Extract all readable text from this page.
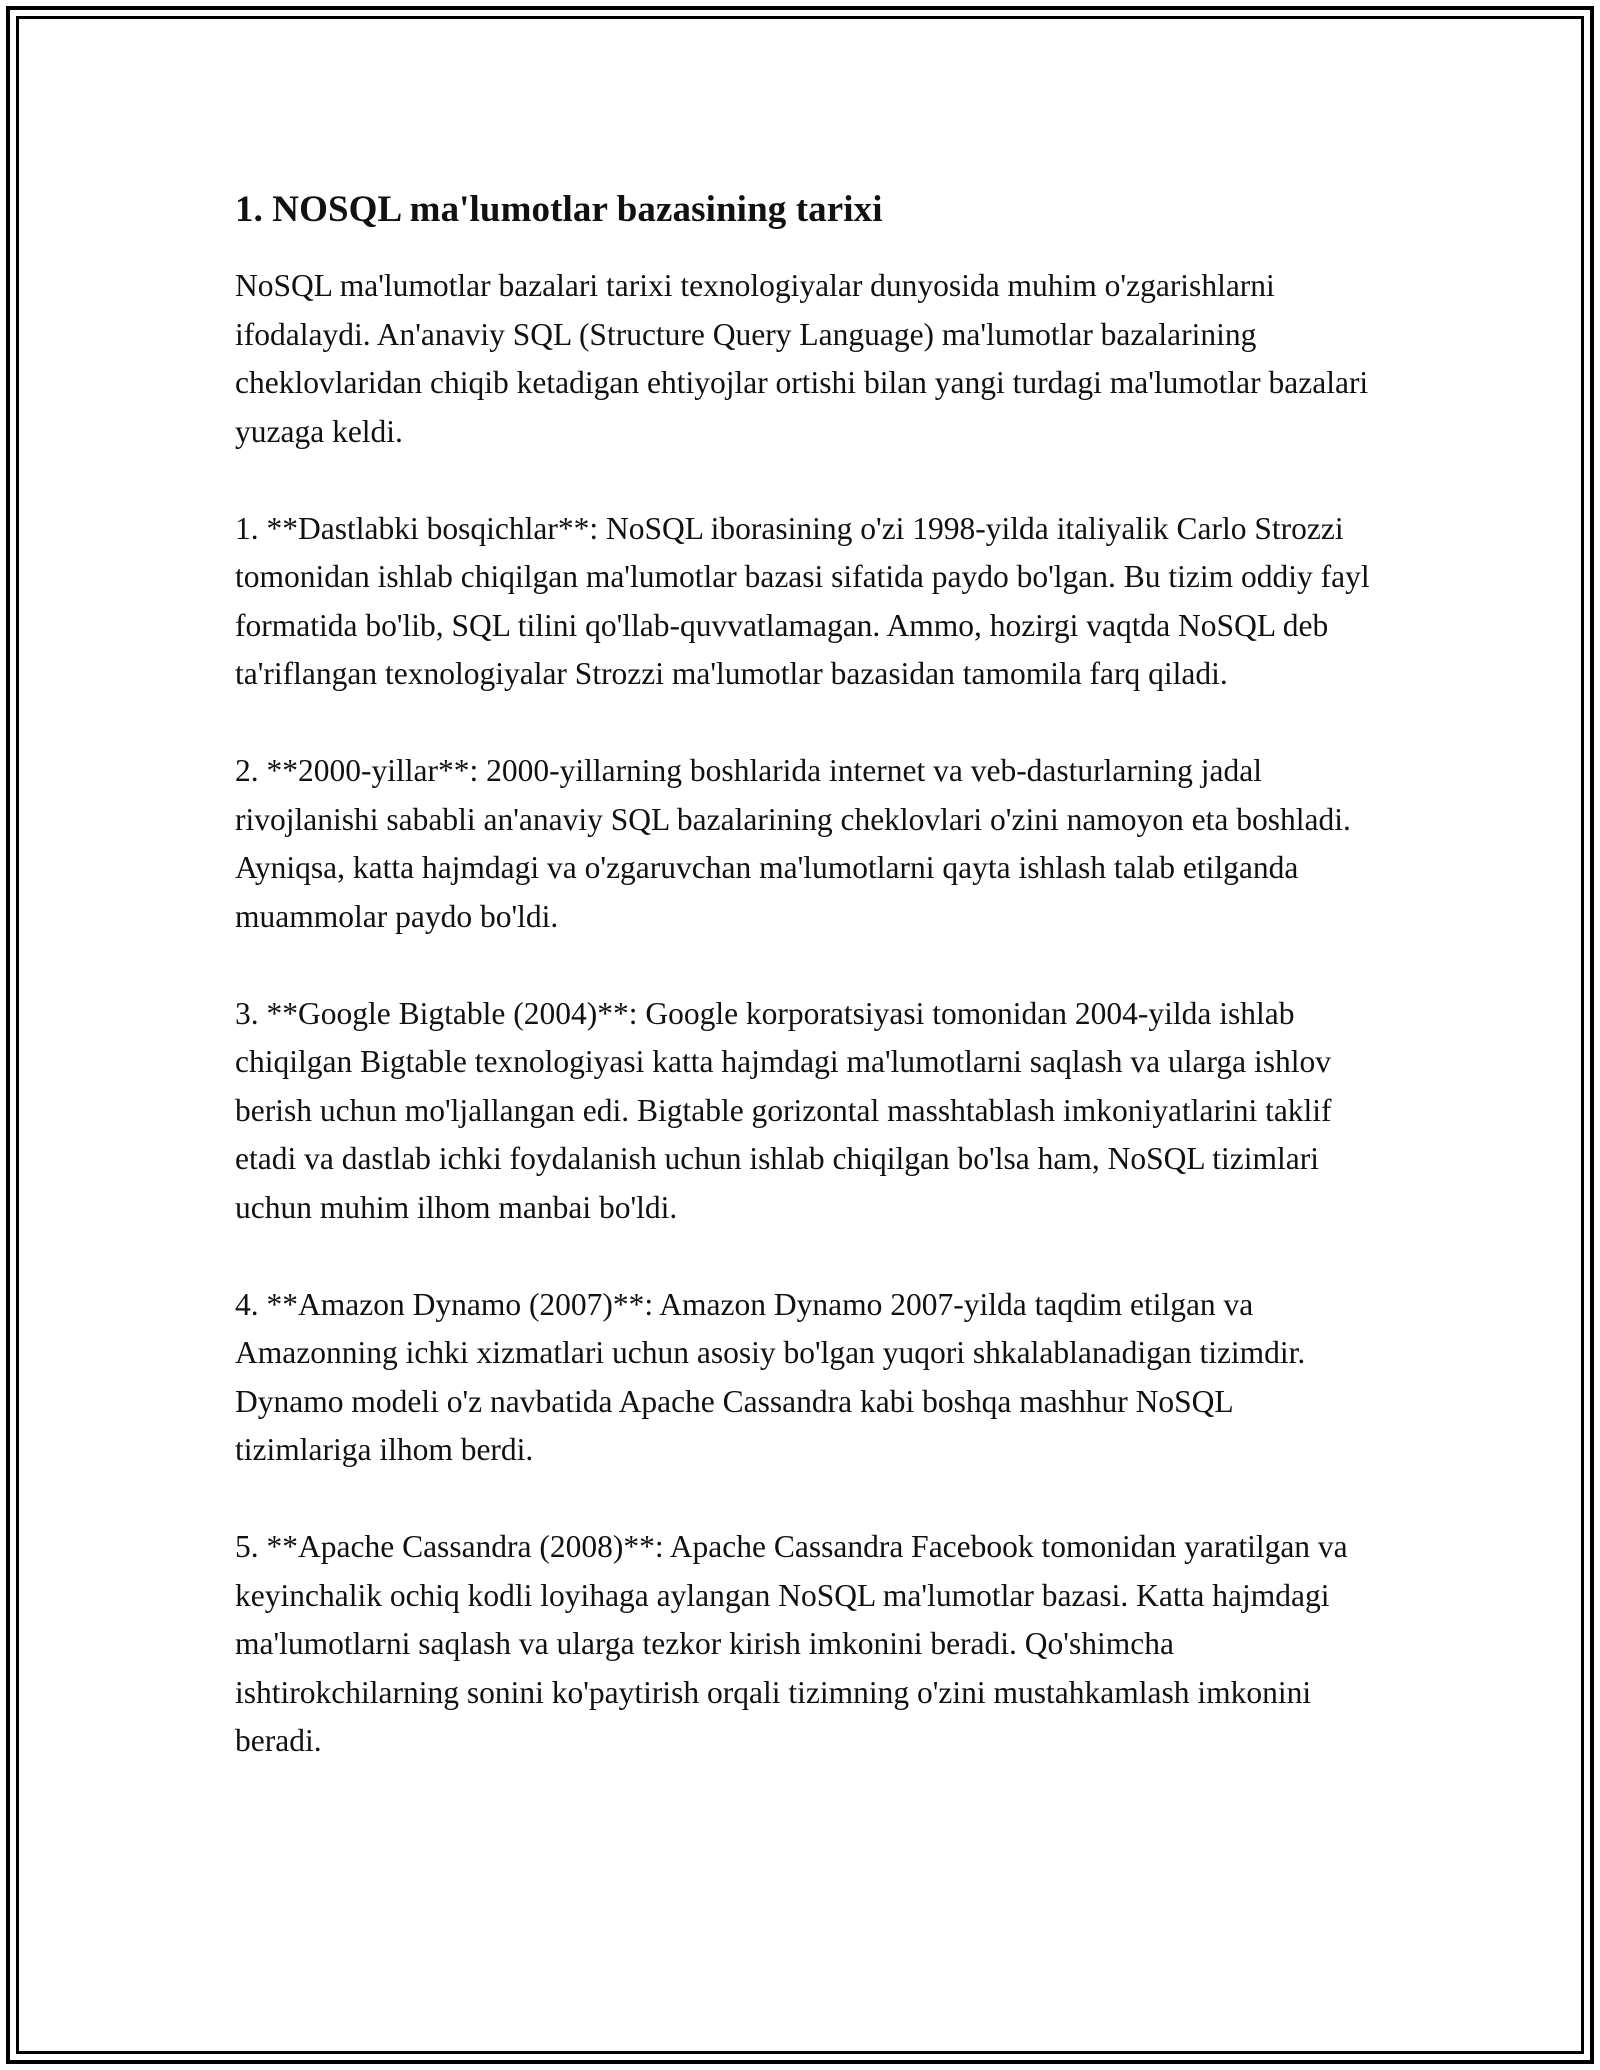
1. NOSQL ma'lumotlar bazasining tarixi

NoSQL ma'lumotlar bazalari tarixi texnologiyalar dunyosida muhim o'zgarishlarni ifodalaydi. An'anaviy SQL (Structure Query Language) ma'lumotlar bazalarining cheklovlaridan chiqib ketadigan ehtiyojlar ortishi bilan yangi turdagi ma'lumotlar bazalari yuzaga keldi.

1. **Dastlabki bosqichlar**: NoSQL iborasining o'zi 1998-yilda italiyalik Carlo Strozzi tomonidan ishlab chiqilgan ma'lumotlar bazasi sifatida paydo bo'lgan. Bu tizim oddiy fayl formatida bo'lib, SQL tilini qo'llab-quvvatlamagan. Ammo, hozirgi vaqtda NoSQL deb ta'riflangan texnologiyalar Strozzi ma'lumotlar bazasidan tamomila farq qiladi.

2. **2000-yillar**: 2000-yillarning boshlarida internet va veb-dasturlarning jadal rivojlanishi sababli an'anaviy SQL bazalarining cheklovlari o'zini namoyon eta boshladi. Ayniqsa, katta hajmdagi va o'zgaruvchan ma'lumotlarni qayta ishlash talab etilganda muammolar paydo bo'ldi.

3. **Google Bigtable (2004)**: Google korporatsiyasi tomonidan 2004-yilda ishlab chiqilgan Bigtable texnologiyasi katta hajmdagi ma'lumotlarni saqlash va ularga ishlov berish uchun mo'ljallangan edi. Bigtable gorizontal masshtablash imkoniyatlarini taklif etadi va dastlab ichki foydalanish uchun ishlab chiqilgan bo'lsa ham, NoSQL tizimlari uchun muhim ilhom manbai bo'ldi.

4. **Amazon Dynamo (2007)**: Amazon Dynamo 2007-yilda taqdim etilgan va Amazonning ichki xizmatlari uchun asosiy bo'lgan yuqori shkalablanadigan tizimdir. Dynamo modeli o'z navbatida Apache Cassandra kabi boshqa mashhur NoSQL tizimlariga ilhom berdi.

5. **Apache Cassandra (2008)**: Apache Cassandra Facebook tomonidan yaratilgan va keyinchalik ochiq kodli loyihaga aylangan NoSQL ma'lumotlar bazasi. Katta hajmdagi ma'lumotlarni saqlash va ularga tezkor kirish imkonini beradi. Qo'shimcha ishtirokchilarning sonini ko'paytirish orqali tizimning o'zini mustahkamlash imkonini beradi.
